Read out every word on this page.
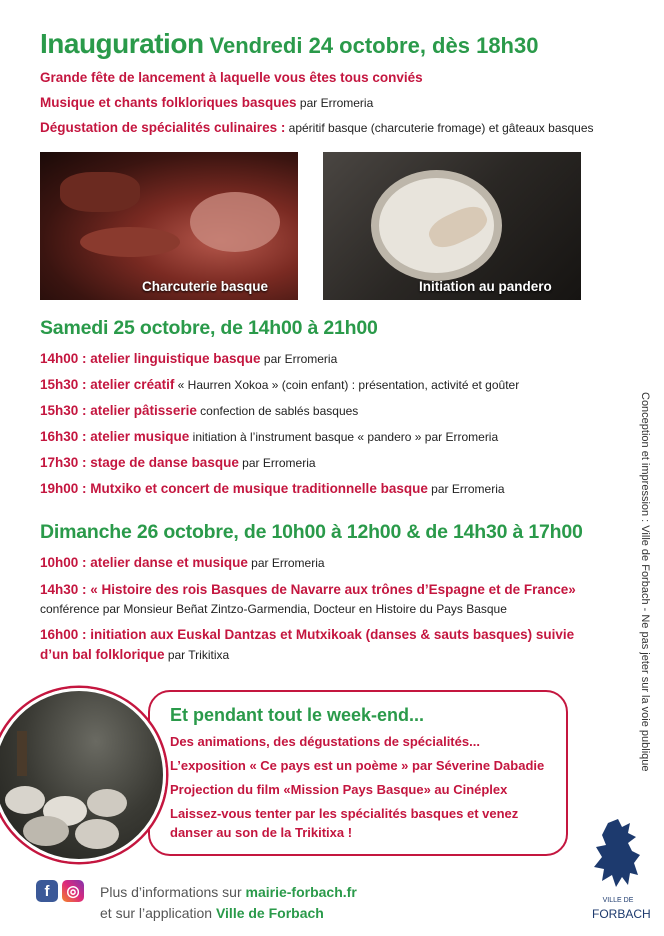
Inauguration Vendredi 24 octobre, dès 18h30
Grande fête de lancement à laquelle vous êtes tous conviés
Musique et chants folkloriques basques par Erromeria
Dégustation de spécialités culinaires : apéritif basque (charcuterie fromage) et gâteaux basques
Charcuterie basque	Initiation au pandero
Samedi 25 octobre, de 14h00 à 21h00
14h00 : atelier linguistique basque par Erromeria
15h30 : atelier créatif « Haurren Xokoa » (coin enfant) : présentation, activité et goûter
15h30 : atelier pâtisserie confection de sablés basques
16h30 : atelier musique initiation à l’instrument basque « pandero » par Erromeria
17h30 : stage de danse basque par Erromeria
19h00 : Mutxiko et concert de musique traditionnelle basque par Erromeria
Dimanche 26 octobre, de 10h00 à 12h00 & de 14h30 à 17h00
10h00 : atelier danse et musique par Erromeria
14h30 : « Histoire des rois Basques de Navarre aux trônes d’Espagne et de France»
conférence par Monsieur Beñat Zintzo-Garmendia, Docteur en Histoire du Pays Basque
16h00 : initiation aux Euskal Dantzas et Mutxikoak (danses & sauts basques) suivie
d’un bal folklorique par Trikitixa
Et pendant tout le week-end...
Des animations, des dégustations de spécialités...
L’exposition « Ce pays est un poème » par Séverine Dabadie
Projection du film «Mission Pays Basque» au Cinéplex
Laissez-vous tenter par les spécialités basques et venez
danser au son de la Trikitixa !
Conception et impression : Ville de Forbach - Ne pas jeter sur la voie publique
f	◎	Plus d’informations sur mairie-forbach.fr
et sur l’application Ville de Forbach
VILLE DE
FORBACH
